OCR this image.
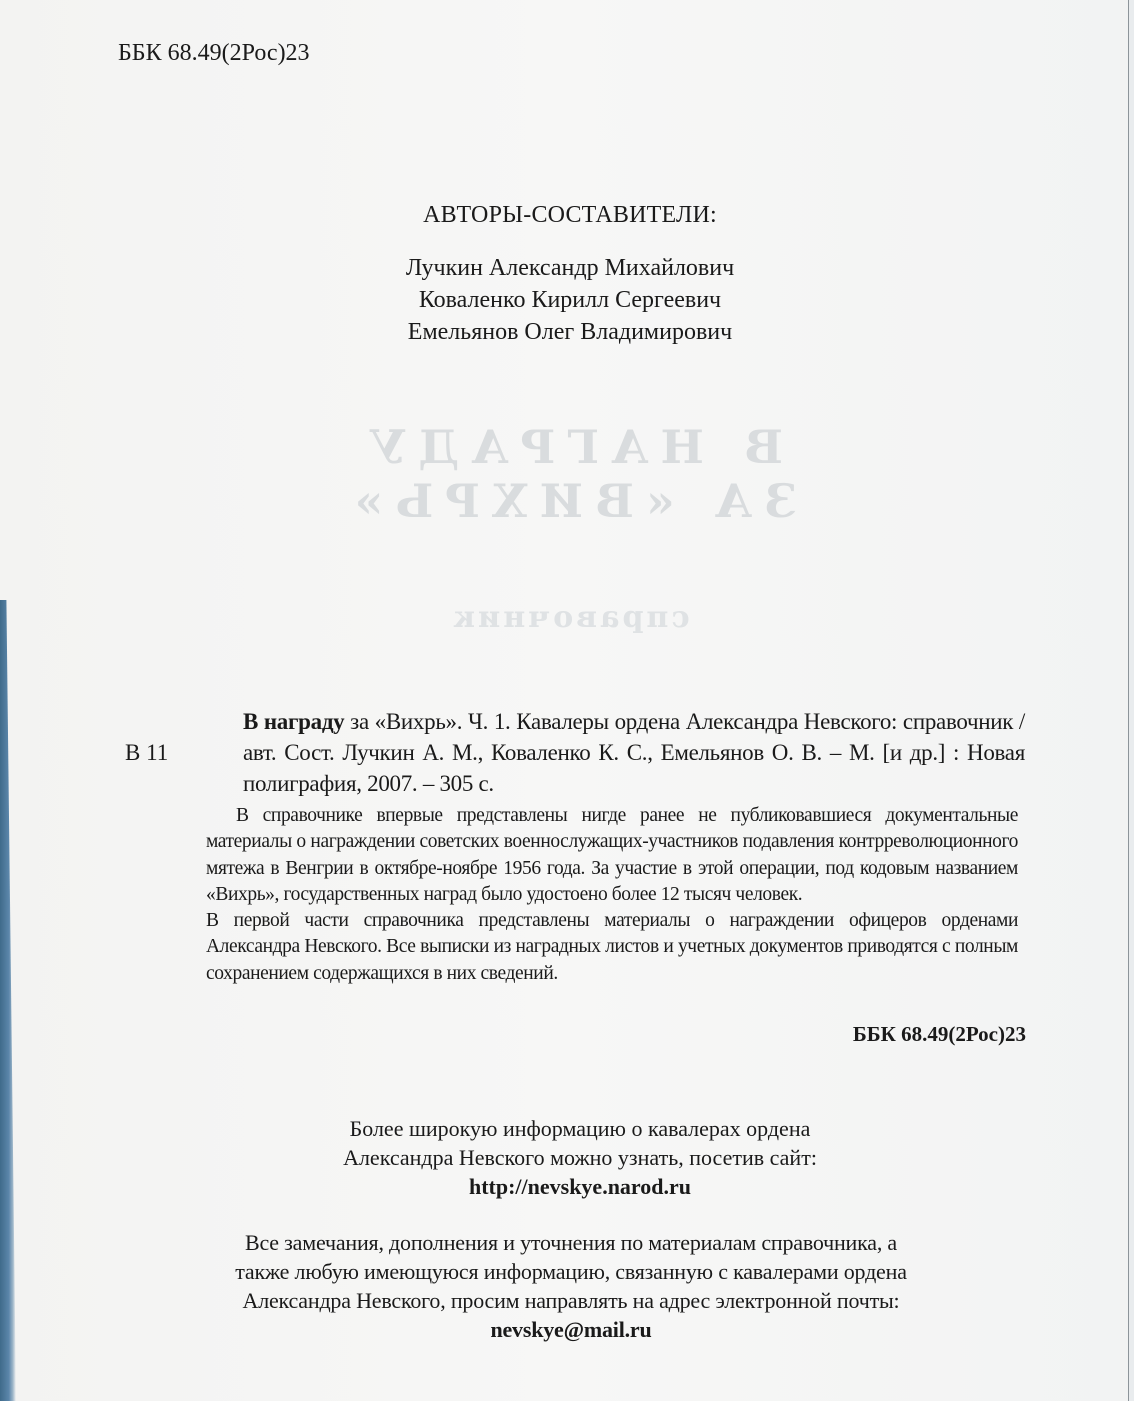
ББК 68.49(2Рос)23
АВТОРЫ-СОСТАВИТЕЛИ:
Лучкин Александр Михайлович
Коваленко Кирилл Сергеевич
Емельянов Олег Владимирович
В НАГРАДУ
ЗА «ВИХРЬ»
справочник
В 11
В награду за «Вихрь». Ч. 1. Кавалеры ордена Александра Невского: справочник / авт. Сост. Лучкин А. М., Коваленко К. С., Емельянов О. В. – М. [и др.] : Новая полиграфия, 2007. – 305 с.

В справочнике впервые представлены нигде ранее не публиковавшиеся документальные материалы о награждении советских военнослужащих-участников подавления контрреволюционного мятежа в Венгрии в октябре-ноябре 1956 года. За участие в этой операции, под кодовым названием «Вихрь», государственных наград было удостоено более 12 тысяч человек.

В первой части справочника представлены материалы о награждении офицеров орденами Александра Невского. Все выписки из наградных листов и учетных документов приводятся с полным сохранением содержащихся в них сведений.

ББК 68.49(2Рос)23
Более широкую информацию о кавалерах ордена
Александра Невского можно узнать, посетив сайт:
http://nevskye.narod.ru
Все замечания, дополнения и уточнения по материалам справочника, а
также любую имеющуюся информацию, связанную с кавалерами ордена
Александра Невского, просим направлять на адрес электронной почты:
nevskye@mail.ru
